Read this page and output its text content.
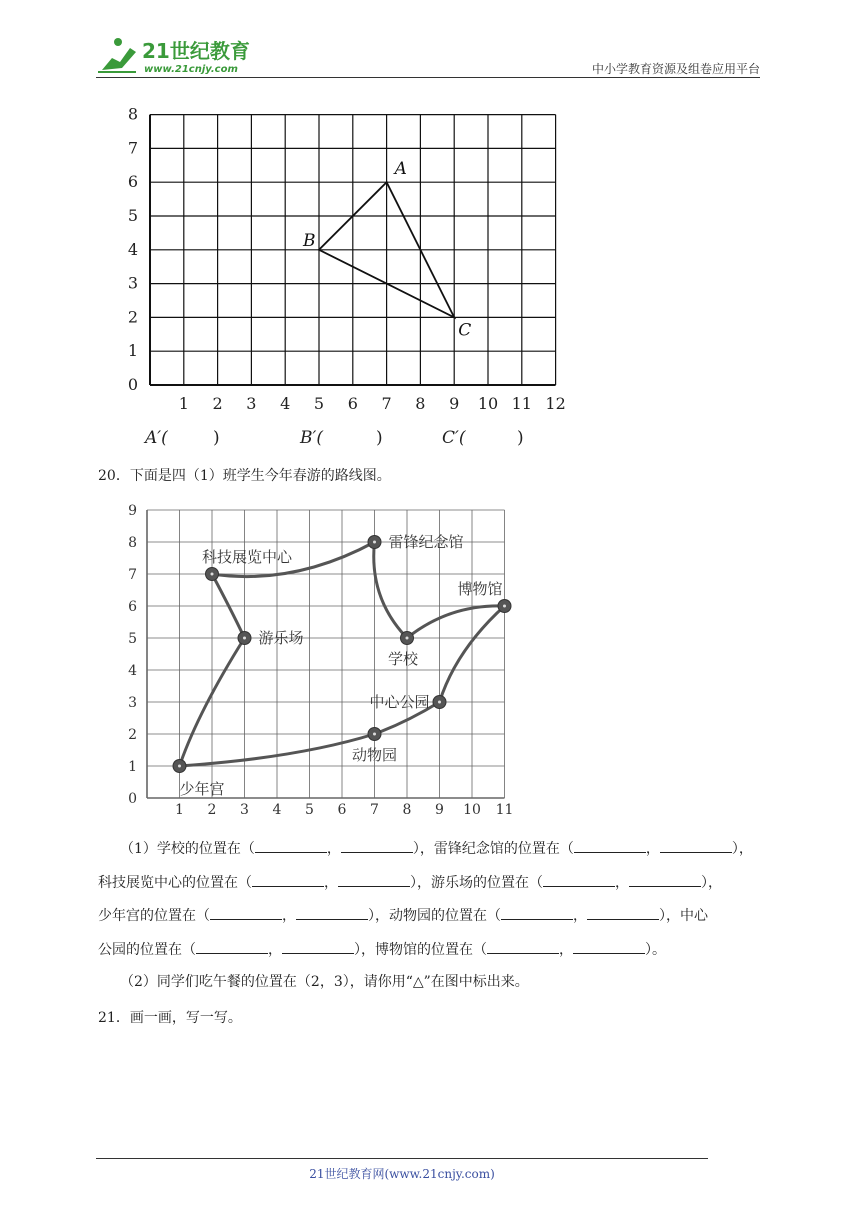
21世纪教育
www.21cnjy.com	中小学教育资源及组卷应用平台
0
1
2
3
4
5
6
7
8
1 2 3 4 5 6 7 8 9 10 11 12
A
B
C
A′(	)	B′(	)	C′(	)
20．下面是四（1）班学生今年春游的路线图。
0
1
2
3
4
5
6
7
8
9
1 2 3 4 5 6 7 8 9 10 11
雷锋纪念馆
科技展览中心
博物馆
游乐场
学校
中心公园
动物园
少年宫
（1）学校的位置在（	，	），雷锋纪念馆的位置在（	，	），
科技展览中心的位置在（	，	），游乐场的位置在（	，	），
少年宫的位置在（	，	），动物园的位置在（	，	），中心
公园的位置在（	，	），博物馆的位置在（	，	）。
（2）同学们吃午餐的位置在（2，3），请你用“△”在图中标出来。
21．画一画，写一写。
21世纪教育网(www.21cnjy.com)
